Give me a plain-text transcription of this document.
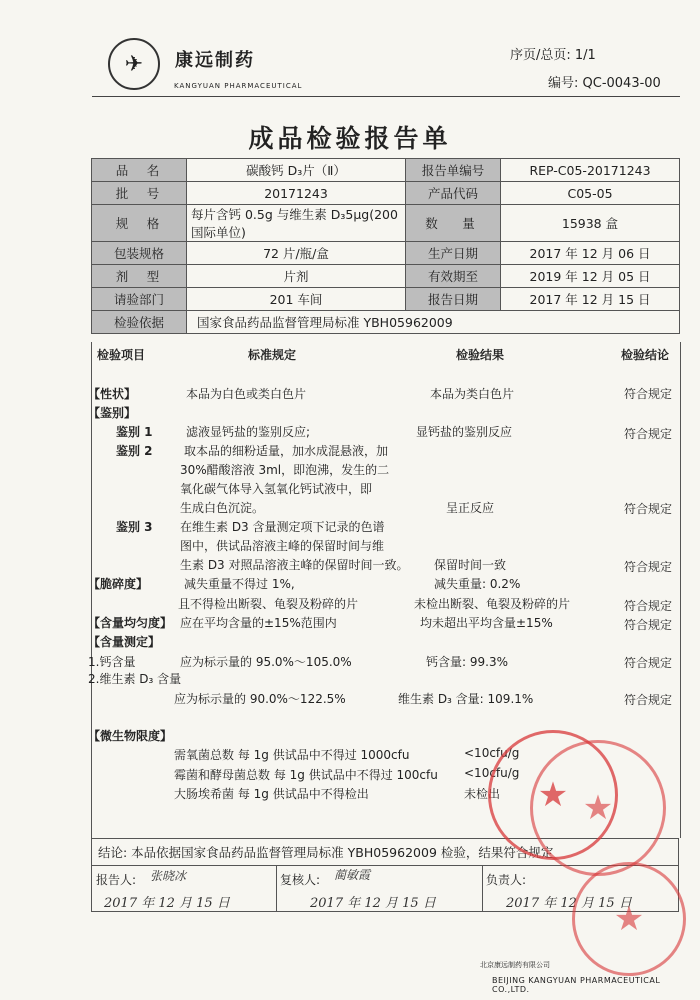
✈ 康远制药
KANGYUAN PHARMACEUTICAL
序页/总页: 1/1
编号: QC-0043-00
成品检验报告单
品　名	碳酸钙 D₃片（Ⅱ）	报告单编号	REP-C05-20171243
批　号	20171243	产品代码	C05-05
规　格	每片含钙 0.5g 与维生素 D₃5μg(200 国际单位)	数　量	15938 盒
包装规格	72 片/瓶/盒	生产日期	2017 年 12 月 06 日
剂　型	片剂	有效期至	2019 年 12 月 05 日
请验部门	201 车间	报告日期	2017 年 12 月 15 日
检验依据	国家食品药品监督管理局标准 YBH05962009		
检验项目	标准规定	检验结果	检验结论
【性状】	本品为白色或类白色片	本品为类白色片	符合规定
【鉴别】
鉴别 1	滤液显钙盐的鉴别反应;	显钙盐的鉴别反应	符合规定
鉴别 2	取本品的细粉适量，加水成混悬液，加
30%醋酸溶液 3ml，即泡沸，发生的二
氧化碳气体导入氢氧化钙试液中，即
生成白色沉淀。	呈正反应	符合规定
鉴别 3 在维生素 D3 含量测定项下记录的色谱
图中，供试品溶液主峰的保留时间与维
生素 D3 对照品溶液主峰的保留时间一致。 保留时间一致	符合规定
【脆碎度】	减失重量不得过 1%,	减失重量: 0.2%
且不得检出断裂、龟裂及粉碎的片	未检出断裂、龟裂及粉碎的片	符合规定
【含量均匀度】 应在平均含量的±15%范围内	均未超出平均含量±15%	符合规定
【含量测定】
1.钙含量	应为标示量的 95.0%～105.0%	钙含量: 99.3%	符合规定
2.维生素 D₃ 含量
应为标示量的 90.0%～122.5%	维生素 D₃ 含量: 109.1%	符合规定
【微生物限度】
需氧菌总数 每 1g 供试品中不得过 1000cfu	<10cfu/g
霉菌和酵母菌总数 每 1g 供试品中不得过 100cfu <10cfu/g
大肠埃希菌 每 1g 供试品中不得检出	未检出
结论: 本品依据国家食品药品监督管理局标准 YBH05962009 检验，结果符合规定
报告人: 张晓冰
2017 年 12 月 15 日
复核人: 蔺敏霞
2017 年 12 月 15 日
负责人:
2017 年 12 月 15 日
★ ★
★
北京康远制药有限公司
BEIJING KANGYUAN PHARMACEUTICAL CO.,LTD.
